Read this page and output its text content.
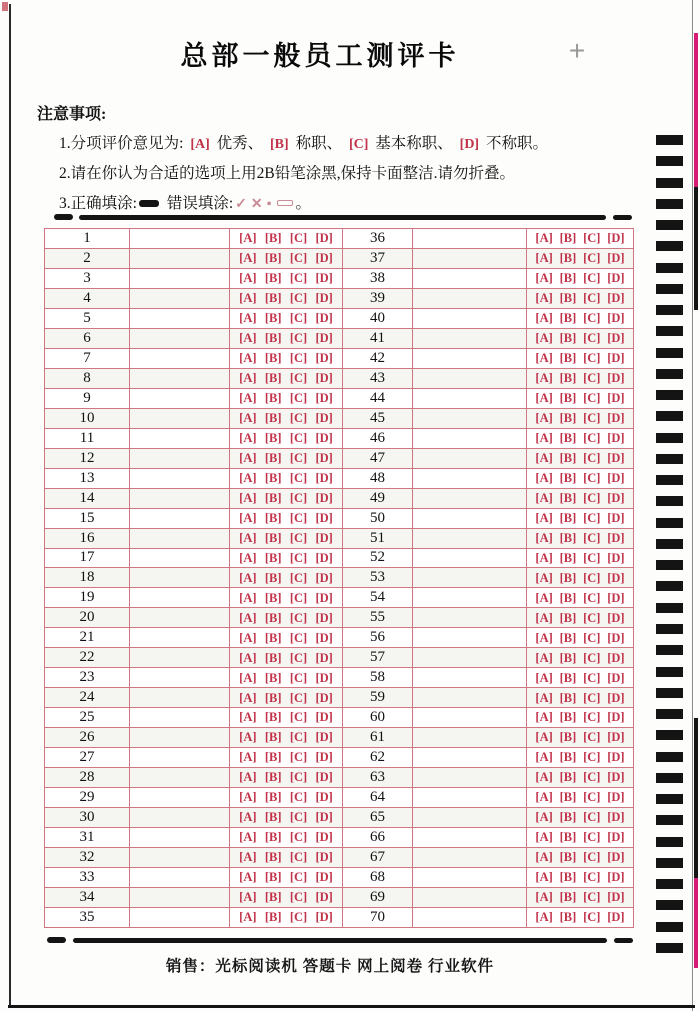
总部一般员工测评卡	+
注意事项:
1.分项评价意见为: [A] 优秀、 [B] 称职、 [C] 基本称职、 [D] 不称职。
2.请在你认为合适的选项上用2B铅笔涂黑,保持卡面整洁.请勿折叠。
3.正确填涂: 错误填涂: ✓ ✕ • 。
1	[A] [B] [C] [D]	36	[A] [B] [C] [D]
2	[A] [B] [C] [D]	37	[A] [B] [C] [D]
3	[A] [B] [C] [D]	38	[A] [B] [C] [D]
4	[A] [B] [C] [D]	39	[A] [B] [C] [D]
5	[A] [B] [C] [D]	40	[A] [B] [C] [D]
6	[A] [B] [C] [D]	41	[A] [B] [C] [D]
7	[A] [B] [C] [D]	42	[A] [B] [C] [D]
8	[A] [B] [C] [D]	43	[A] [B] [C] [D]
9	[A] [B] [C] [D]	44	[A] [B] [C] [D]
10	[A] [B] [C] [D]	45	[A] [B] [C] [D]
11	[A] [B] [C] [D]	46	[A] [B] [C] [D]
12	[A] [B] [C] [D]	47	[A] [B] [C] [D]
13	[A] [B] [C] [D]	48	[A] [B] [C] [D]
14	[A] [B] [C] [D]	49	[A] [B] [C] [D]
15	[A] [B] [C] [D]	50	[A] [B] [C] [D]
16	[A] [B] [C] [D]	51	[A] [B] [C] [D]
17	[A] [B] [C] [D]	52	[A] [B] [C] [D]
18	[A] [B] [C] [D]	53	[A] [B] [C] [D]
19	[A] [B] [C] [D]	54	[A] [B] [C] [D]
20	[A] [B] [C] [D]	55	[A] [B] [C] [D]
21	[A] [B] [C] [D]	56	[A] [B] [C] [D]
22	[A] [B] [C] [D]	57	[A] [B] [C] [D]
23	[A] [B] [C] [D]	58	[A] [B] [C] [D]
24	[A] [B] [C] [D]	59	[A] [B] [C] [D]
25	[A] [B] [C] [D]	60	[A] [B] [C] [D]
26	[A] [B] [C] [D]	61	[A] [B] [C] [D]
27	[A] [B] [C] [D]	62	[A] [B] [C] [D]
28	[A] [B] [C] [D]	63	[A] [B] [C] [D]
29	[A] [B] [C] [D]	64	[A] [B] [C] [D]
30	[A] [B] [C] [D]	65	[A] [B] [C] [D]
31	[A] [B] [C] [D]	66	[A] [B] [C] [D]
32	[A] [B] [C] [D]	67	[A] [B] [C] [D]
33	[A] [B] [C] [D]	68	[A] [B] [C] [D]
34	[A] [B] [C] [D]	69	[A] [B] [C] [D]
35	[A] [B] [C] [D]	70	[A] [B] [C] [D]
销售：光标阅读机 答题卡 网上阅卷 行业软件
